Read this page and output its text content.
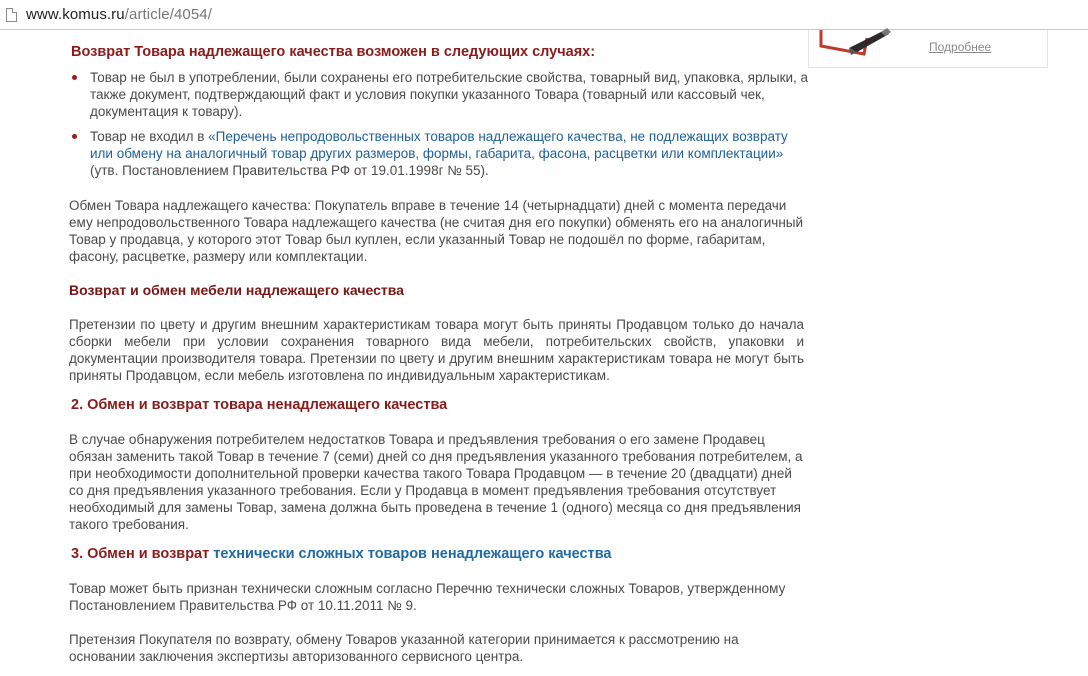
www.komus.ru/article/4054/
Подробнее
Возврат Товара надлежащего качества возможен в следующих случаях:
Товар не был в употреблении, были сохранены его потребительские свойства, товарный вид, упаковка, ярлыки, а также документ, подтверждающий факт и условия покупки указанного Товара (товарный или кассовый чек, документация к товару).
Товар не входил в «Перечень непродовольственных товаров надлежащего качества, не подлежащих возврату или обмену на аналогичный товар других размеров, формы, габарита, фасона, расцветки или комплектации» (утв. Постановлением Правительства РФ от 19.01.1998г № 55).

Обмен Товара надлежащего качества: Покупатель вправе в течение 14 (четырнадцати) дней с момента передачи ему непродовольственного Товара надлежащего качества (не считая дня его покупки) обменять его на аналогичный Товар у продавца, у которого этот Товар был куплен, если указанный Товар не подошёл по форме, габаритам, фасону, расцветке, размеру или комплектации.

Возврат и обмен мебели надлежащего качества

Претензии по цвету и другим внешним характеристикам товара могут быть приняты Продавцом только до начала сборки мебели при условии сохранения товарного вида мебели, потребительских свойств, упаковки и документации производителя товара. Претензии по цвету и другим внешним характеристикам товара не могут быть приняты Продавцом, если мебель изготовлена по индивидуальным характеристикам.

2. Обмен и возврат товара ненадлежащего качества

В случае обнаружения потребителем недостатков Товара и предъявления требования о его замене Продавец обязан заменить такой Товар в течение 7 (семи) дней со дня предъявления указанного требования потребителем, а при необходимости дополнительной проверки качества такого Товара Продавцом — в течение 20 (двадцати) дней со дня предъявления указанного требования. Если у Продавца в момент предъявления требования отсутствует необходимый для замены Товар, замена должна быть проведена в течение 1 (одного) месяца со дня предъявления такого требования.

3. Обмен и возврат технически сложных товаров ненадлежащего качества

Товар может быть признан технически сложным согласно Перечню технически сложных Товаров, утвержденному Постановлением Правительства РФ от 10.11.2011 № 9.

Претензия Покупателя по возврату, обмену Товаров указанной категории принимается к рассмотрению на основании заключения экспертизы авторизованного сервисного центра.
